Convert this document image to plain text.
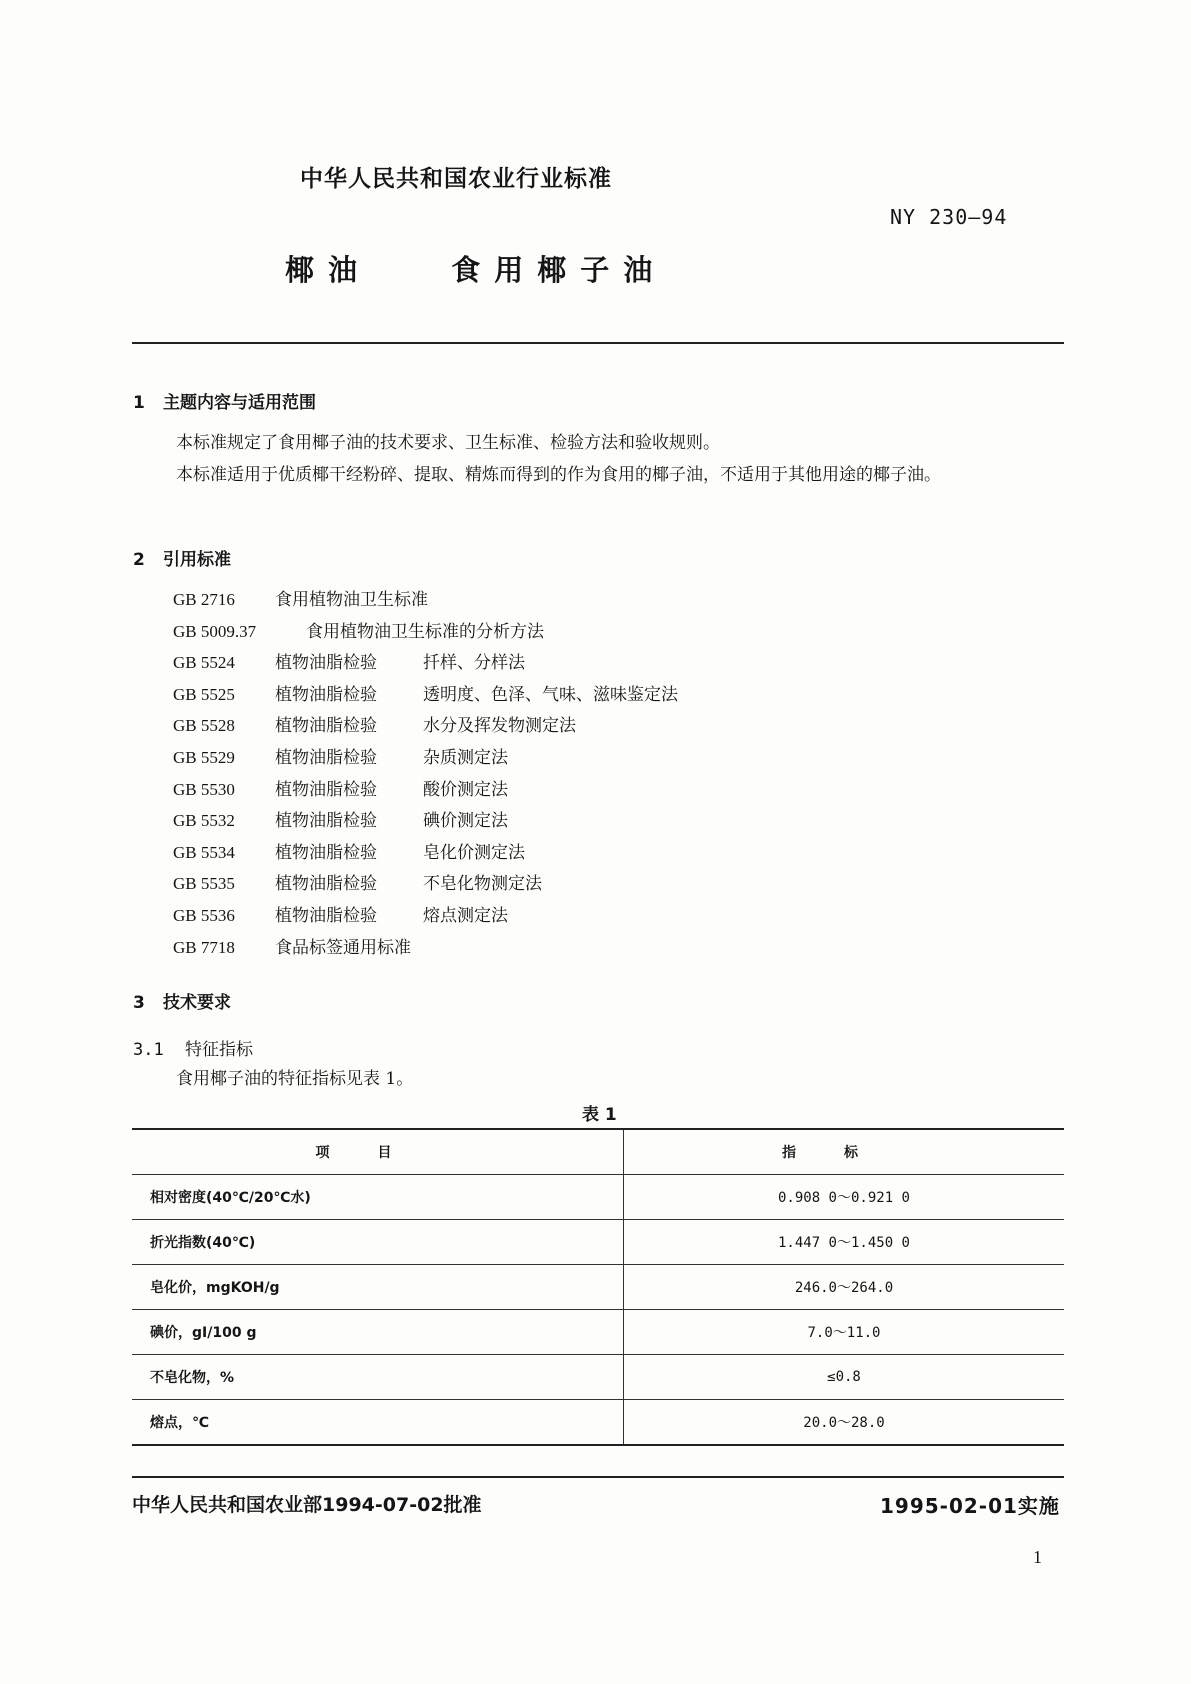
中华人民共和国农业行业标准
NY 230—94
椰油  食用椰子油
1 主题内容与适用范围
本标准规定了食用椰子油的技术要求、卫生标准、检验方法和验收规则。
本标准适用于优质椰干经粉碎、提取、精炼而得到的作为食用的椰子油，不适用于其他用途的椰子油。
2 引用标准
GB 2716 食用植物油卫生标准
GB 5009.37	食用植物油卫生标准的分析方法
GB 5524 植物油脂检验	扦样、分样法
GB 5525 植物油脂检验	透明度、色泽、气味、滋味鉴定法
GB 5528 植物油脂检验	水分及挥发物测定法
GB 5529 植物油脂检验	杂质测定法
GB 5530 植物油脂检验	酸价测定法
GB 5532 植物油脂检验	碘价测定法
GB 5534 植物油脂检验	皂化价测定法
GB 5535 植物油脂检验	不皂化物测定法
GB 5536 植物油脂检验	熔点测定法
GB 7718 食品标签通用标准
3 技术要求
3.1 特征指标
食用椰子油的特征指标见表 1。
表 1
项目	指标
相对密度(40℃/20℃水)	0.908 0～0.921 0
折光指数(40℃)	1.447 0～1.450 0
皂化价，mgKOH/g	246.0～264.0
碘价，gI/100 g	7.0～11.0
不皂化物，%	≤0.8
熔点，℃	20.0～28.0
中华人民共和国农业部1994-07-02批准	1995-02-01实施
1
